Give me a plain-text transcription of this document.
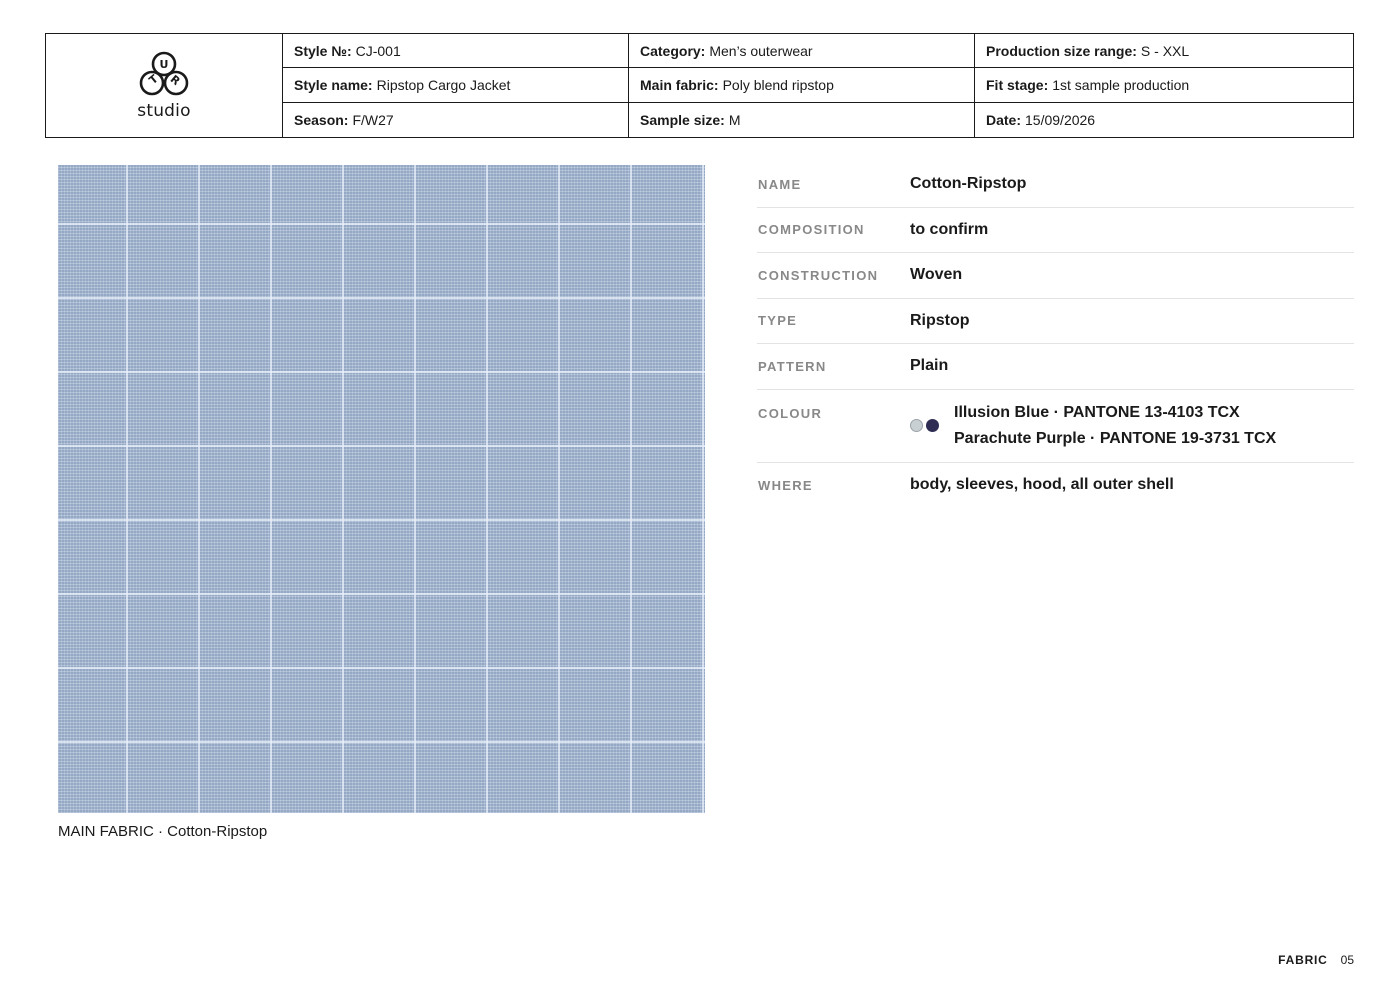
U
T R
studio
Style №: CJ-001	Category: Men’s outerwear	Production size range: S - XXL
Style name: Ripstop Cargo Jacket	Main fabric: Poly blend ripstop	Fit stage: 1st sample production
Season: F/W27	Sample size: M	Date: 15/09/2026
MAIN FABRIC · Cotton-Ripstop
NAME	Cotton-Ripstop
COMPOSITION	to confirm
CONSTRUCTION	Woven
TYPE	Ripstop
PATTERN	Plain
COLOUR	Illusion Blue · PANTONE 13-4103 TCX
Parachute Purple · PANTONE 19-3731 TCX
WHERE	body, sleeves, hood, all outer shell
FABRIC 05
